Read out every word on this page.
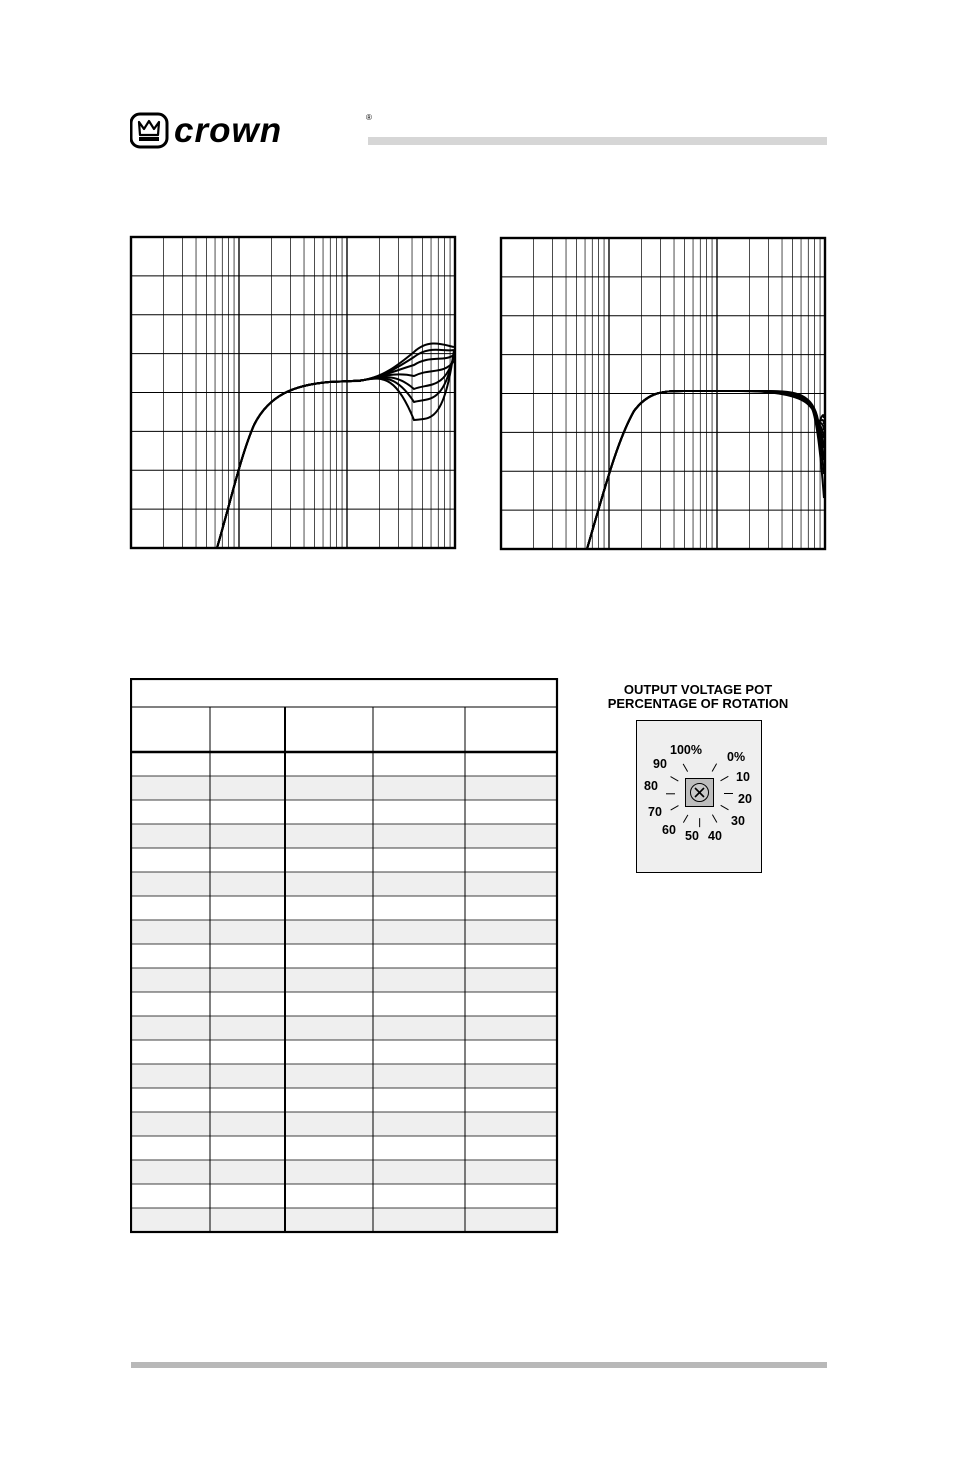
crown	®
OUTPUT VOLTAGE POT
PERCENTAGE OF ROTATION
100%
90
80
70
60 50 40
30
20
10
0%
